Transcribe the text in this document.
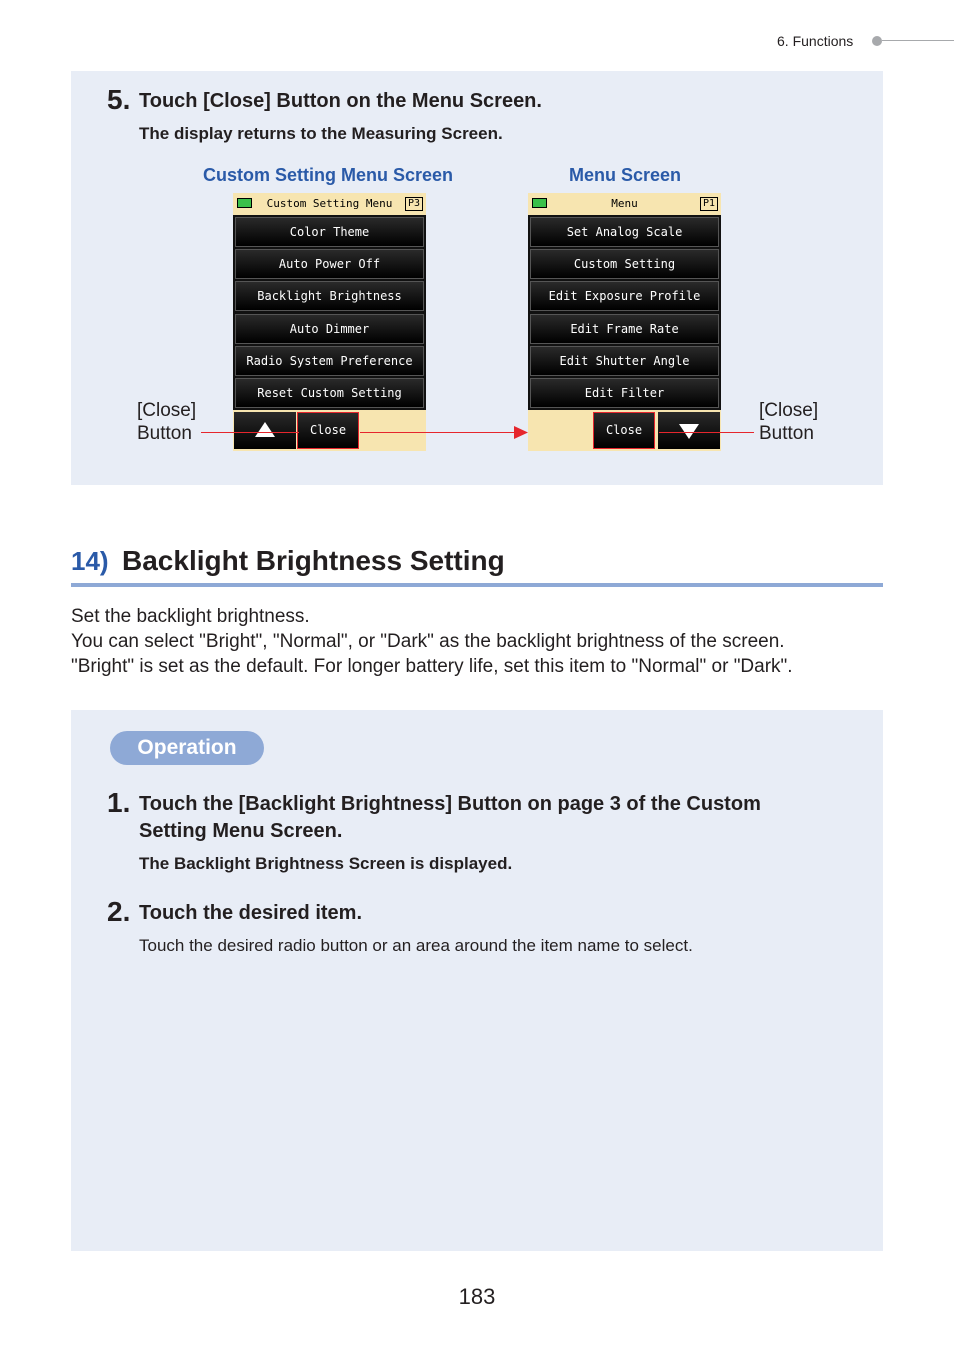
6. Functions
5. Touch [Close] Button on the Menu Screen.
The display returns to the Measuring Screen.
Custom Setting Menu Screen	Menu Screen
Custom Setting Menu	P3
Color Theme
Auto Power Off
Backlight Brightness
Auto Dimmer
Radio System Preference
Reset Custom Setting
Close
Menu	P1
Set Analog Scale
Custom Setting
Edit Exposure Profile
Edit Frame Rate
Edit Shutter Angle
Edit Filter
Close
[Close]
Button
[Close]
Button
14) Backlight Brightness Setting
Set the backlight brightness.
You can select "Bright", "Normal", or "Dark" as the backlight brightness of the screen.
"Bright" is set as the default. For longer battery life, set this item to "Normal" or "Dark".
Operation
1. Touch the [Backlight Brightness] Button on page 3 of the Custom
Setting Menu Screen.
The Backlight Brightness Screen is displayed.
2. Touch the desired item.
Touch the desired radio button or an area around the item name to select.
183
